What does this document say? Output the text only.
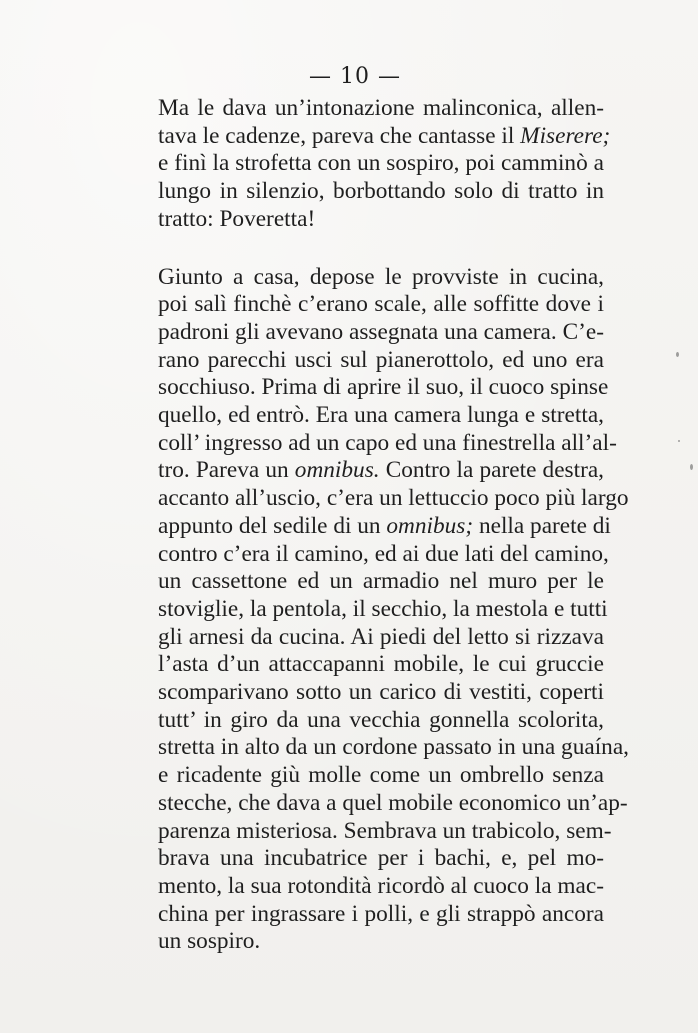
— 10 —

Ma le dava un’intonazione malinconica, allen-
tava le cadenze, pareva che cantasse il Miserere;
e finì la strofetta con un sospiro, poi camminò a
lungo in silenzio, borbottando solo di tratto in
tratto: Poveretta!

Giunto a casa, depose le provviste in cucina,
poi salì finchè c’erano scale, alle soffitte dove i
padroni gli avevano assegnata una camera. C’e-
rano parecchi usci sul pianerottolo, ed uno era
socchiuso. Prima di aprire il suo, il cuoco spinse
quello, ed entrò. Era una camera lunga e stretta,
coll’ ingresso ad un capo ed una finestrella all’al-
tro. Pareva un omnibus. Contro la parete destra,
accanto all’uscio, c’era un lettuccio poco più largo
appunto del sedile di un omnibus; nella parete di
contro c’era il camino, ed ai due lati del camino,
un cassettone ed un armadio nel muro per le
stoviglie, la pentola, il secchio, la mestola e tutti
gli arnesi da cucina. Ai piedi del letto si rizzava
l’asta d’un attaccapanni mobile, le cui gruccie
scomparivano sotto un carico di vestiti, coperti
tutt’ in giro da una vecchia gonnella scolorita,
stretta in alto da un cordone passato in una guaína,
e ricadente giù molle come un ombrello senza
stecche, che dava a quel mobile economico un’ap-
parenza misteriosa. Sembrava un trabicolo, sem-
brava una incubatrice per i bachi, e, pel mo-
mento, la sua rotondità ricordò al cuoco la mac-
china per ingrassare i polli, e gli strappò ancora
un sospiro.
